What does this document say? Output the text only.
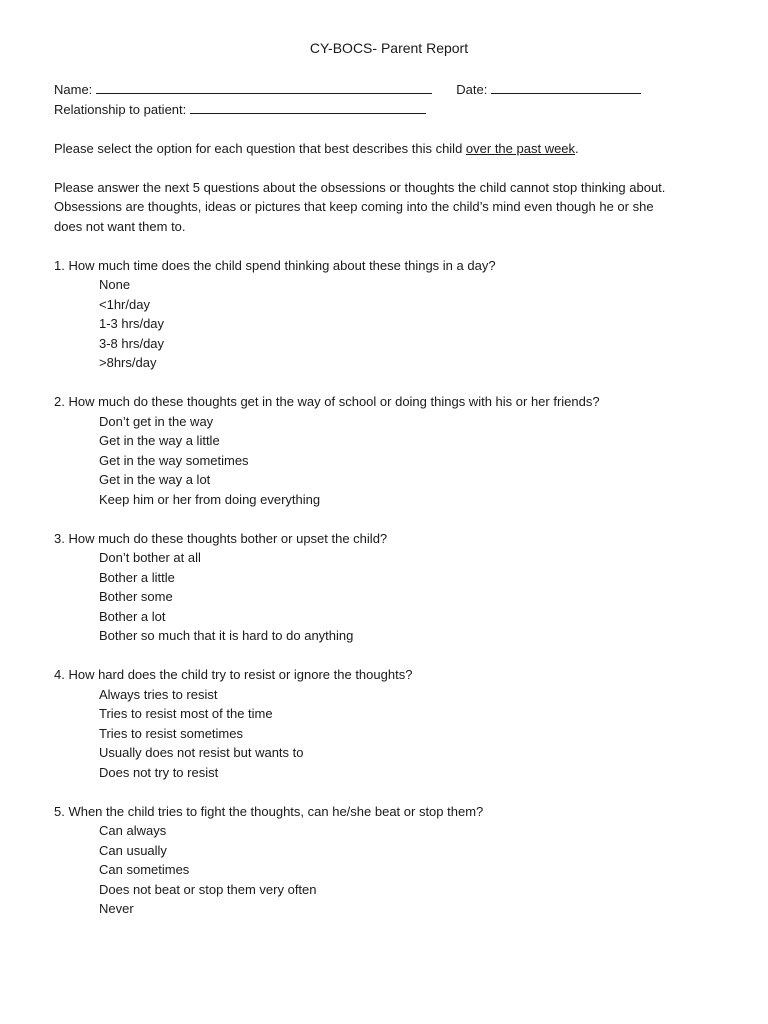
CY-BOCS- Parent Report
Name:	Date:
Relationship to patient:
Please select the option for each question that best describes this child over the past week.
Please answer the next 5 questions about the obsessions or thoughts the child cannot stop thinking about.
Obsessions are thoughts, ideas or pictures that keep coming into the child’s mind even though he or she
does not want them to.
1. How much time does the child spend thinking about these things in a day?
None
<1hr/day
1-3 hrs/day
3-8 hrs/day
>8hrs/day
2. How much do these thoughts get in the way of school or doing things with his or her friends?
Don’t get in the way
Get in the way a little
Get in the way sometimes
Get in the way a lot
Keep him or her from doing everything
3. How much do these thoughts bother or upset the child?
Don’t bother at all
Bother a little
Bother some
Bother a lot
Bother so much that it is hard to do anything
4. How hard does the child try to resist or ignore the thoughts?
Always tries to resist
Tries to resist most of the time
Tries to resist sometimes
Usually does not resist but wants to
Does not try to resist
5. When the child tries to fight the thoughts, can he/she beat or stop them?
Can always
Can usually
Can sometimes
Does not beat or stop them very often
Never
